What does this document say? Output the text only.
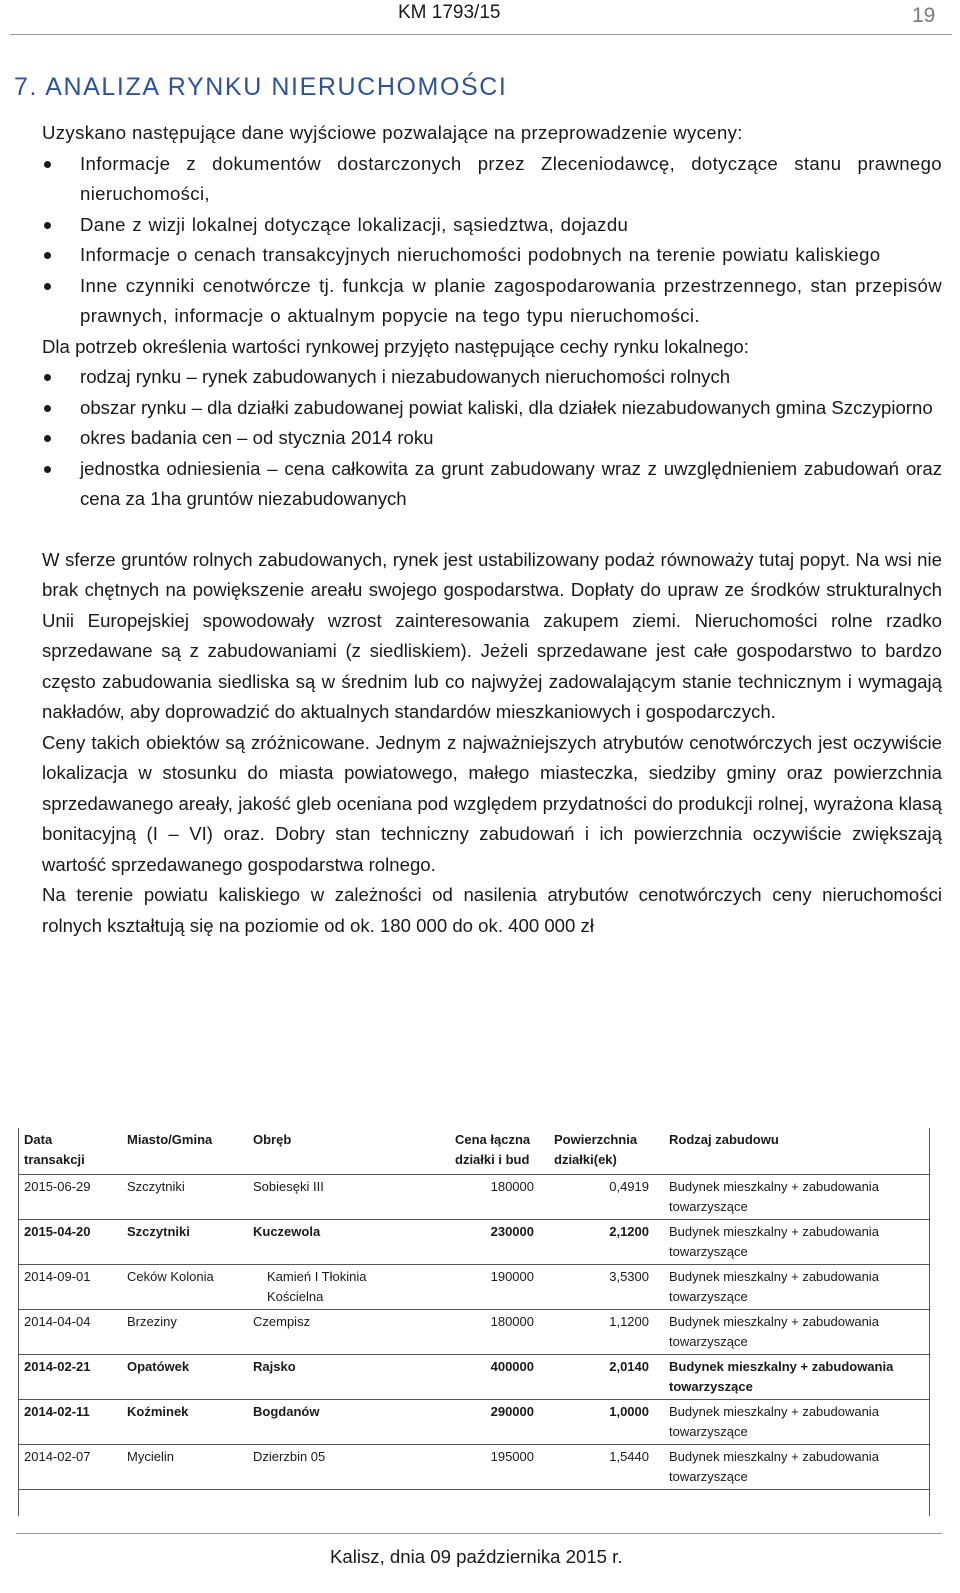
KM 1793/15	19
7. ANALIZA RYNKU NIERUCHOMOŚCI

Uzyskano następujące dane wyjściowe pozwalające na przeprowadzenie wyceny:

Informacje z dokumentów dostarczonych przez Zleceniodawcę, dotyczące stanu prawnego nieruchomości,
Dane z wizji lokalnej dotyczące lokalizacji, sąsiedztwa, dojazdu
Informacje o cenach transakcyjnych nieruchomości podobnych na terenie powiatu kaliskiego
Inne czynniki cenotwórcze tj. funkcja w planie zagospodarowania przestrzennego, stan przepisów prawnych, informacje o aktualnym popycie na tego typu nieruchomości.

Dla potrzeb określenia wartości rynkowej przyjęto następujące cechy rynku lokalnego:

rodzaj rynku – rynek zabudowanych i niezabudowanych nieruchomości rolnych
obszar rynku – dla działki zabudowanej powiat kaliski, dla działek niezabudowanych gmina Szczypiorno
okres badania cen – od stycznia 2014 roku
jednostka odniesienia – cena całkowita za grunt zabudowany wraz z uwzględnieniem zabudowań oraz cena za 1ha gruntów niezabudowanych

W sferze gruntów rolnych zabudowanych, rynek jest ustabilizowany podaż równoważy tutaj popyt. Na wsi nie brak chętnych na powiększenie areału swojego gospodarstwa. Dopłaty do upraw ze środków strukturalnych Unii Europejskiej spowodowały wzrost zainteresowania zakupem ziemi. Nieruchomości rolne rzadko sprzedawane są z zabudowaniami (z siedliskiem). Jeżeli sprzedawane jest całe gospodarstwo to bardzo często zabudowania siedliska są w średnim lub co najwyżej zadowalającym stanie technicznym i wymagają nakładów, aby doprowadzić do aktualnych standardów mieszkaniowych i gospodarczych.

Ceny takich obiektów są zróżnicowane. Jednym z najważniejszych atrybutów cenotwórczych jest oczywiście lokalizacja w stosunku do miasta powiatowego, małego miasteczka, siedziby gminy oraz powierzchnia sprzedawanego areały, jakość gleb oceniana pod względem przydatności do produkcji rolnej, wyrażona klasą bonitacyjną (I – VI) oraz. Dobry stan techniczny zabudowań i ich powierzchnia oczywiście zwiększają wartość sprzedawanego gospodarstwa rolnego.

Na terenie powiatu kaliskiego w zależności od nasilenia atrybutów cenotwórczych ceny nieruchomości rolnych kształtują się na poziomie od ok. 180 000 do ok. 400 000 zł

Data transakcji	Miasto/Gmina	Obręb	Cena łączna działki i bud	Powierzchnia działki(ek)	Rodzaj zabudowu
2015-06-29	Szczytniki	Sobiesęki III	180000	0,4919	Budynek mieszkalny + zabudowania towarzyszące
2015-04-20	Szczytniki	Kuczewola	230000	2,1200	Budynek mieszkalny + zabudowania towarzyszące
2014-09-01	Ceków Kolonia	Kamień I Tłokinia Kościelna	190000	3,5300	Budynek mieszkalny + zabudowania towarzyszące
2014-04-04	Brzeziny	Czempisz	180000	1,1200	Budynek mieszkalny + zabudowania towarzyszące
2014-02-21	Opatówek	Rajsko	400000	2,0140	Budynek mieszkalny + zabudowania towarzyszące
2014-02-11	Koźminek	Bogdanów	290000	1,0000	Budynek mieszkalny + zabudowania towarzyszące
2014-02-07	Mycielin	Dzierzbin 05	195000	1,5440	Budynek mieszkalny + zabudowania towarzyszące
Kalisz, dnia 09 października 2015 r.
